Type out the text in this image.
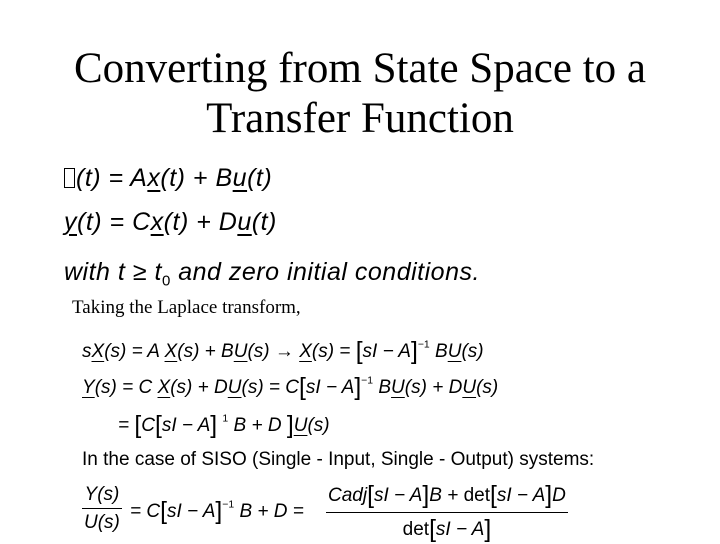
Converting from State Space to a
Transfer Function
(t) = Ax(t) + Bu(t)
y(t) = Cx(t) + Du(t)
with $t \ge t_0$ and zero initial conditions.
Taking the Laplace transform,
sX(s) = A X(s) + BU(s) → X(s) = [sI − A]$^{-1}$ BU(s)
Y(s) = C X(s) + DU(s) = C[sI − A]$^{-1}$ BU(s) + DU(s)
= [C[sI − A] $^1$ B + D ]U(s)
In the case of SISO (Single - Input, Single - Output) systems:
$\frac{Y(s)}{U(s)} = C[sI - A]^{-1}$ B + D =
Cadj[sI − A]B + det[sI − A]D
det[sI − A]
